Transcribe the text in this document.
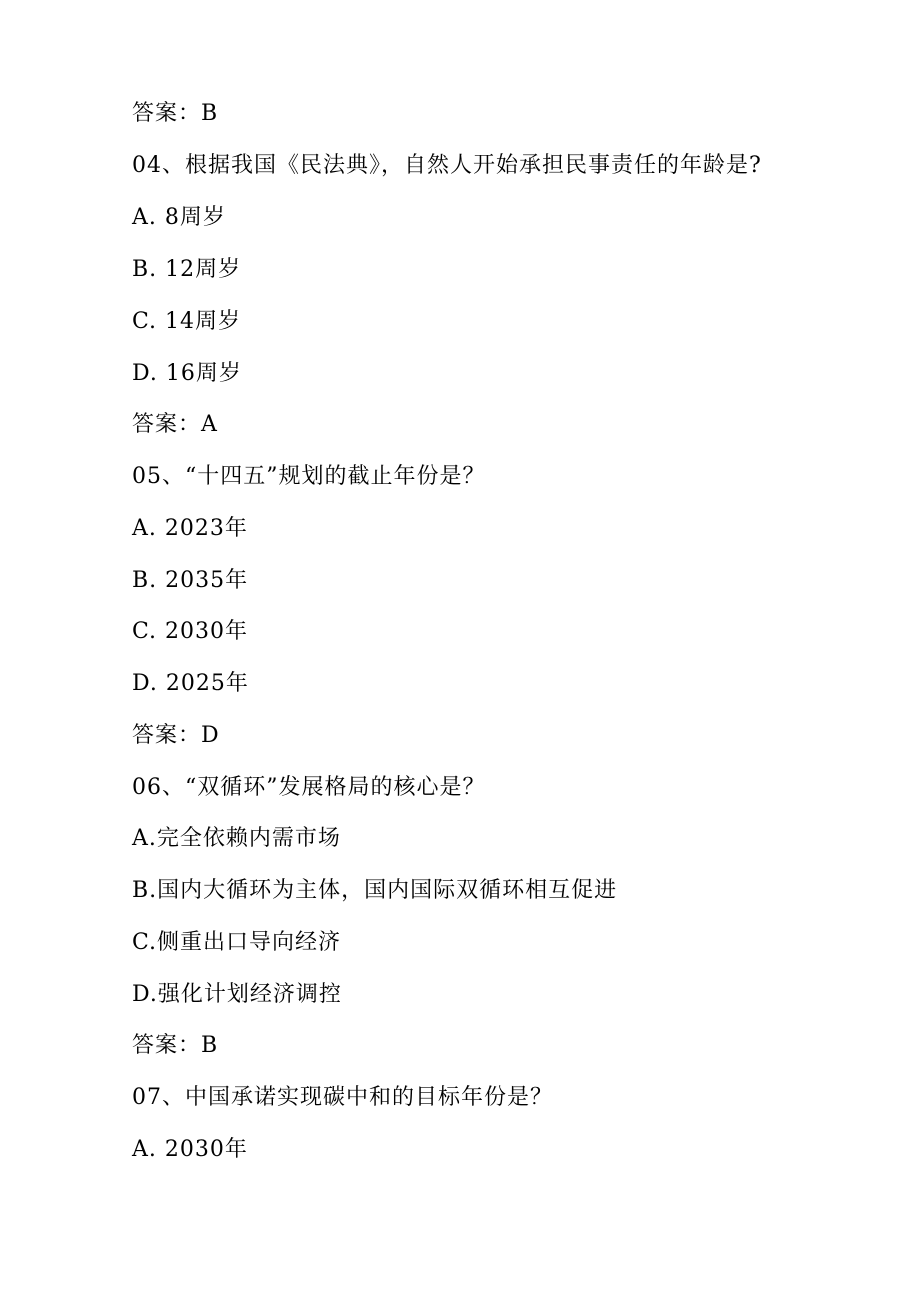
答案：B
04、根据我国《民法典》，自然人开始承担民事责任的年龄是?
A. 8周岁
B. 12周岁
C. 14周岁
D. 16周岁
答案：A
05、“十四五”规划的截止年份是？
A. 2023年
B. 2035年
C. 2030年
D. 2025年
答案：D
06、“双循环”发展格局的核心是？
A.完全依赖内需市场
B.国内大循环为主体，国内国际双循环相互促进
C.侧重出口导向经济
D.强化计划经济调控
答案：B
07、中国承诺实现碳中和的目标年份是？
A. 2030年
